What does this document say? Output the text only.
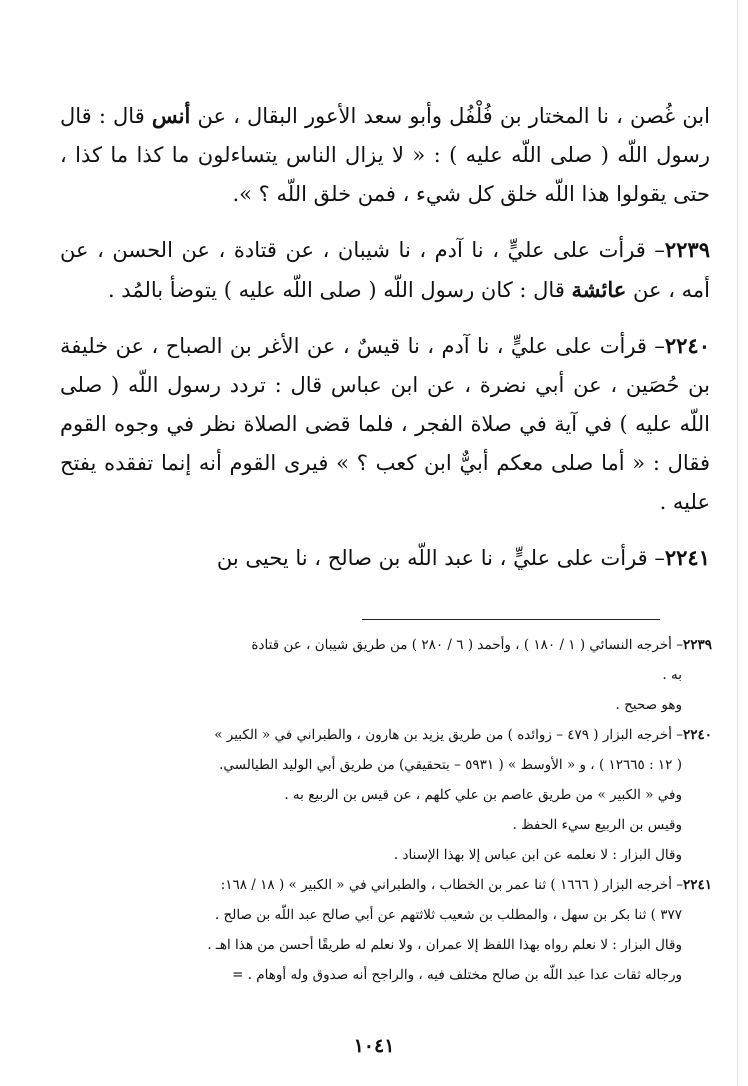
ابن غُصن ، نا المختار بن فُلْفُل وأبو سعد الأعور البقال ، عن أنس قال : قال رسول اللّه ( صلى اللّه عليه ) : « لا يزال الناس يتساءلون ما كذا ما كذا ، حتى يقولوا هذا اللّه خلق كل شيء ، فمن خلق اللّه ؟ ».

٢٢٣٩– قرأت على عليٍّ ، نا آدم ، نا شيبان ، عن قتادة ، عن الحسن ، عن أمه ، عن عائشة قال : كان رسول اللّه ( صلى اللّه عليه ) يتوضأ بالمُد .

٢٢٤٠– قرأت على عليٍّ ، نا آدم ، نا قيسٌ ، عن الأغر بن الصباح ، عن خليفة بن حُصَين ، عن أبي نضرة ، عن ابن عباس قال : تردد رسول اللّه ( صلى اللّه عليه ) في آية في صلاة الفجر ، فلما قضى الصلاة نظر في وجوه القوم فقال : « أما صلى معكم أبيٌّ ابن كعب ؟ » فيرى القوم أنه إنما تفقده يفتح عليه .

٢٢٤١– قرأت على عليٍّ ، نا عبد اللّه بن صالح ، نا يحيى بن

٢٢٣٩– أخرجه النسائي ( ١ / ١٨٠ ) ، وأحمد ( ٦ / ٢٨٠ ) من طريق شيبان ، عن قتادة

به .

وهو صحيح .

٢٢٤٠– أخرجه البزار ( ٤٧٩ – زوائده ) من طريق يزيد بن هارون ، والطبراني في « الكبير »

( ١٢ : ١٢٦٦٥ ) ، و « الأوسط » ( ٥٩٣١ – بتحقيقي) من طريق أبي الوليد الطيالسي.

وفي « الكبير » من طريق عاصم بن علي كلهم ، عن قيس بن الربيع به .

وقيس بن الربيع سيء الحفظ .

وقال البزار : لا نعلمه عن ابن عباس إلا بهذا الإسناد .

٢٢٤١– أخرجه البزار ( ١٦٦٦ ) ثنا عمر بن الخطاب ، والطبراني في « الكبير » ( ١٨ / ١٦٨:

٣٧٧ ) ثنا بكر بن سهل ، والمطلب بن شعيب ثلاثتهم عن أبي صالح عبد اللّه بن صالح .

وقال البزار : لا نعلم رواه بهذا اللفظ إلا عمران ، ولا نعلم له طريقًا أحسن من هذا اهـ .

ورجاله ثقات عدا عبد اللّه بن صالح مختلف فيه ، والراجح أنه صدوق وله أوهام . =

١٠٤١
